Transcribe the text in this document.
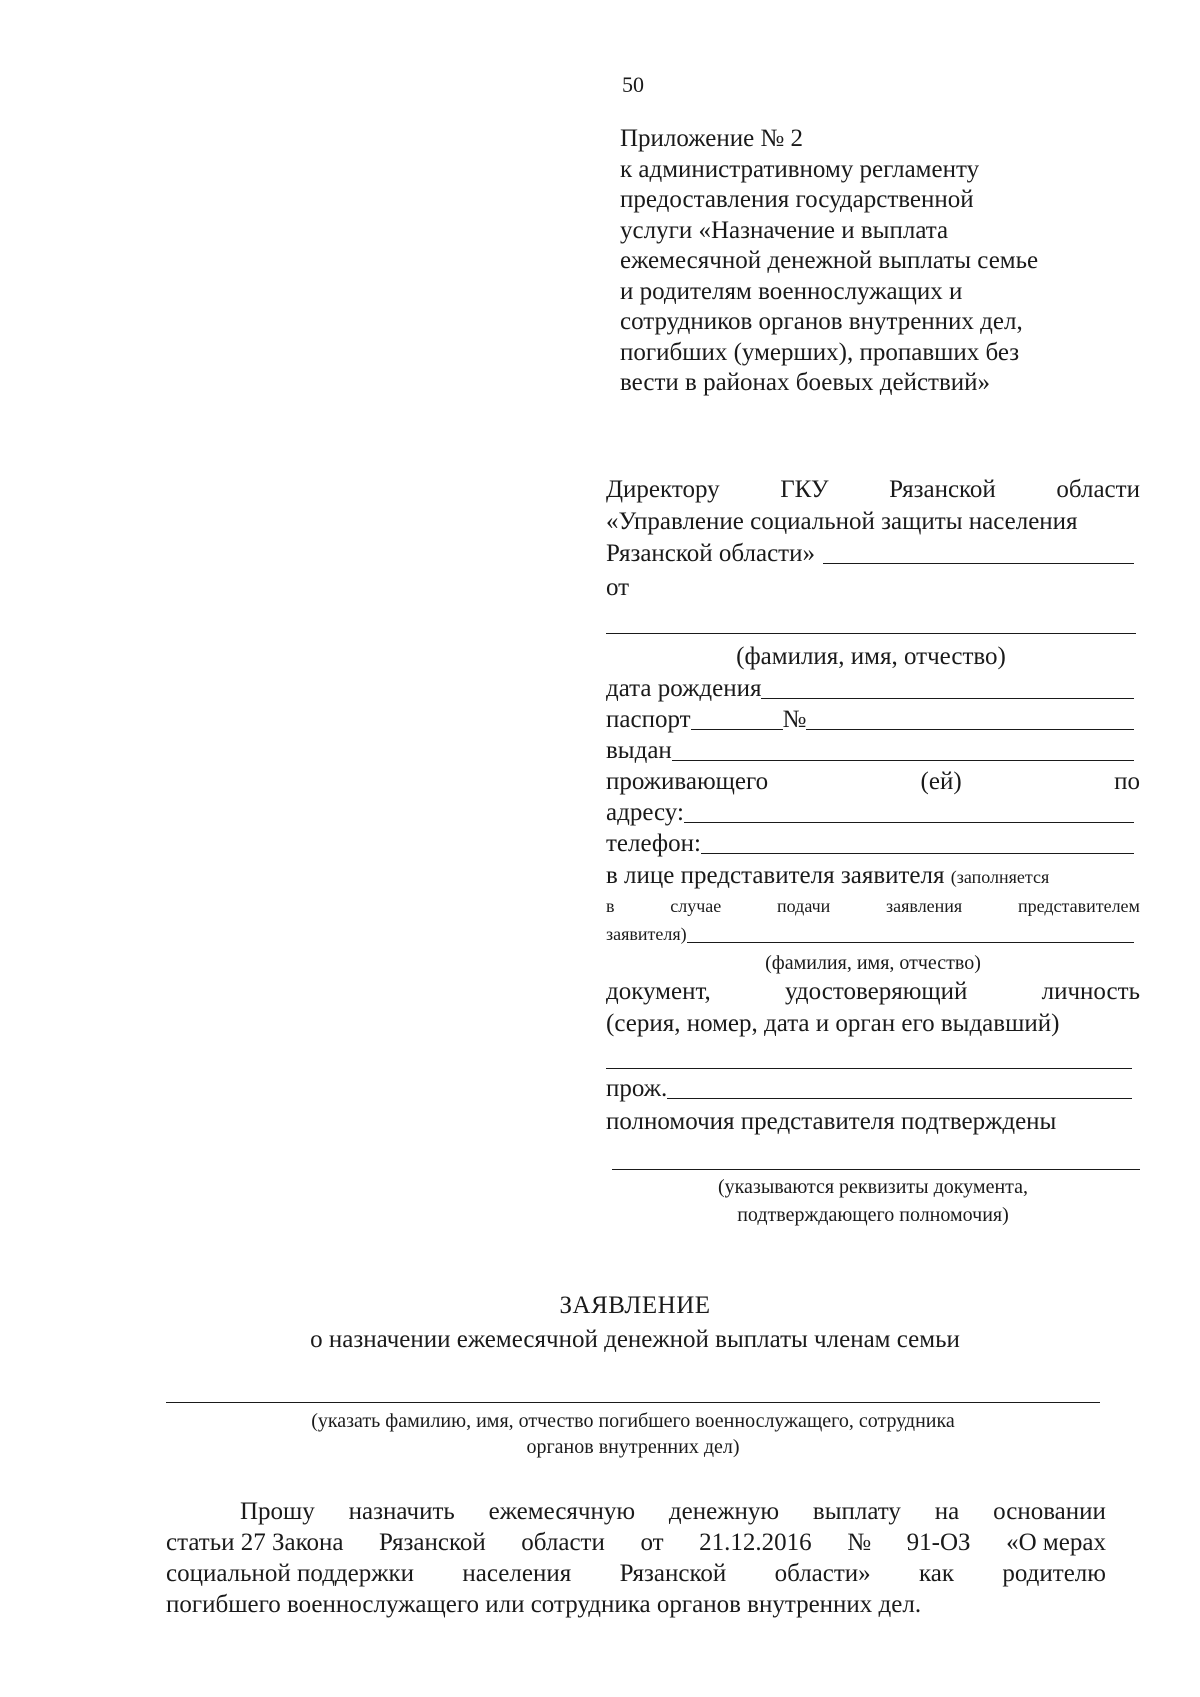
50
Приложение № 2
к административному регламенту
предоставления государственной
услуги «Назначение и выплата
ежемесячной денежной выплаты семье
и родителям военнослужащих и
сотрудников органов внутренних дел,
погибших (умерших), пропавших без
вести в районах боевых действий»
Директору ГКУ Рязанской области
«Управление социальной защиты населения
Рязанской области»
от
(фамилия, имя, отчество)
дата рождения
паспорт	№
выдан
проживающего	(ей)	по
адресу:
телефон:
в лице представителя заявителя (заполняется
в	случае	подачи	заявления	представителем
заявителя)
(фамилия, имя, отчество)
документ,	удостоверяющий	личность
(серия, номер, дата и орган его выдавший)
прож.
полномочия представителя подтверждены
(указываются реквизиты документа,
подтверждающего полномочия)
ЗАЯВЛЕНИЕ
о назначении ежемесячной денежной выплаты членам семьи
(указать фамилию, имя, отчество погибшего военнослужащего, сотрудника
органов внутренних дел)
Прошу назначить ежемесячную денежную выплату на основании
статьи 27 Закона Рязанской области от 21.12.2016 № 91-ОЗ «О мерах
социальной поддержки населения Рязанской области» как родителю
погибшего военнослужащего или сотрудника органов внутренних дел.
